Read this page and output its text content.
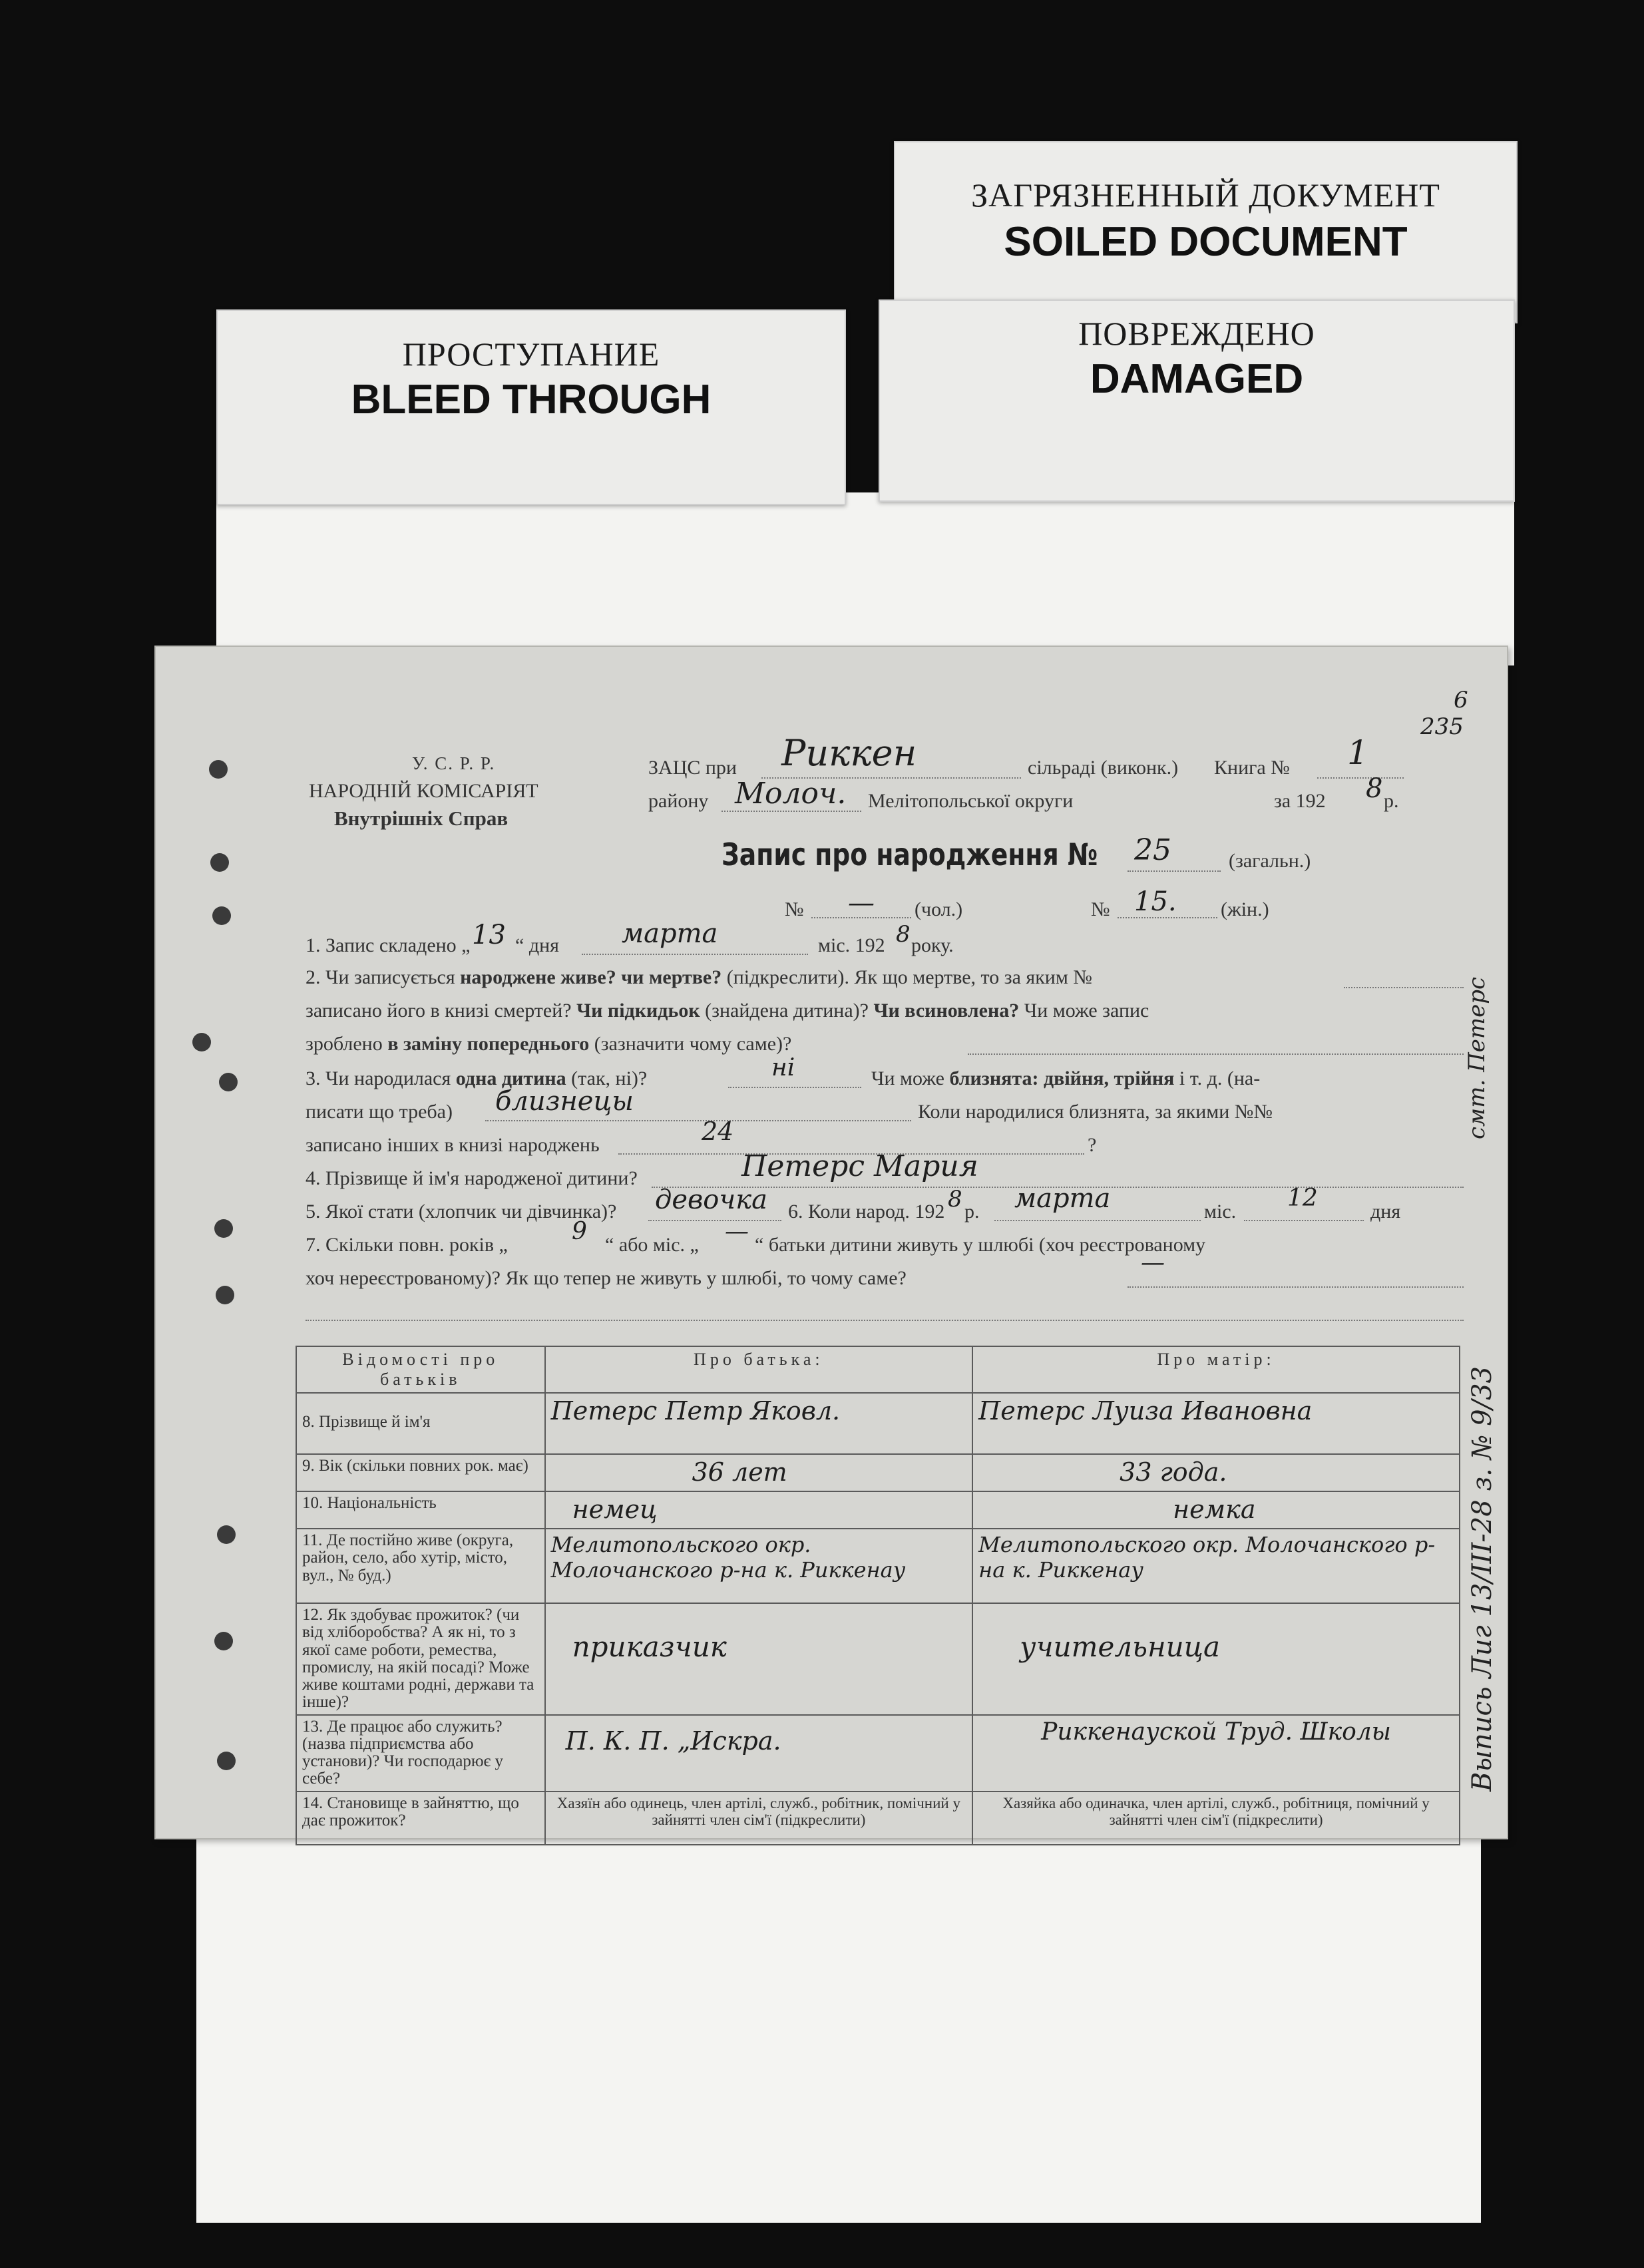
ЗАГРЯЗНЕННЫЙ ДОКУМЕНТ
SOILED DOCUMENT
ПРОСТУПАНИЕ
BLEED THROUGH
ПОВРЕЖДЕНО
DAMAGED
6
235
У. С. Р. Р.
НАРОДНІЙ КОМІСАРІЯТ
Внутрішніх Справ
ЗАЦС при Риккен	сільраді (виконк.) Книга № 1
району Молоч. Мелітопольської округи	за 192 8 р.
Запис про народження № 25	(загальн.)
№ — (чол.)	№ 15. (жін.)
1. Запис складено „ 13 “ дня марта	міс. 192 8 року.
2. Чи записується народжене живе? чи мертве? (підкреслити). Як що мертве, то за яким №
записано його в книзі смертей? Чи підкидьок (знайдена дитина)? Чи всиновлена? Чи може запис
зроблено в заміну попереднього (зазначити чому саме)?
3. Чи народилася одна дитина (так, ні)?	ні	Чи може близнята: двійня, трійня і т. д. (на-
писати що треба) близнецы	Коли народилися близнята, за якими №№
записано інших в книзі народжень	24	?
4. Прізвище й ім'я народженої дитини?	Петерс Мария
5. Якої стати (хлопчик чи дівчинка)? девочка 6. Коли народ. 192 8 р. марта	міс. 12	дня
7. Скільки повн. років „	9 “ або міс. „ — “ батьки дитини живуть у шлюбі (хоч реєстрованому
хоч нереєстрованому)? Як що тепер не живуть у шлюбі, то чому саме?
—
Відомості про батьків	Про батька:	Про матір:
8. Прізвище й ім'я	Петерс Петр Яковл.	Петерс Луиза Ивановна
9. Вік (скільки повних рок. має)	36 лет	33 года.
10. Національність	немец	немка
11. Де постійно живе (округа, район, село, або хутір, місто, вул., № буд.)	Мелитопольского окр. Молочанского р-на к. Риккенау	Мелитопольского окр. Молочанского р-на к. Риккенау
12. Як здобуває прожиток? (чи від хліборобства? А як ні, то з якої саме роботи, ремества, промислу, на якій посаді? Може живе коштами родні, держави та інше)?	приказчик	учительница
13. Де працює або служить? (назва підприємства або установи)? Чи господарює у себе?	П. К. П. „Искра.	Риккенауской Труд. Школы
14. Становище в зайняттю, що дає прожиток?	Хазяїн або одинець, член артілі, служб., робітник, помічний у зайнятті член сім'ї (підкреслити)	Хазяйка або одиначка, член артілі, служб., робітниця, помічний у зайнятті член сім'ї (підкреслити)
Выпись Лиг 13/III-28 з. № 9/33
смт. Петерс
